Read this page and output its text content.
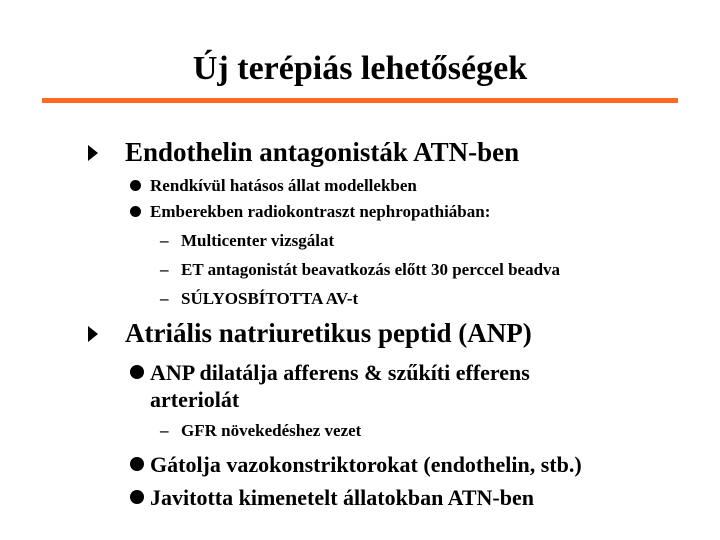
Új terépiás lehetőségek
Endothelin antagonisták ATN-ben
Rendkívül hatásos állat modellekben
Emberekben radiokontraszt nephropathiában:
– Multicenter vizsgálat
– ET antagonistát beavatkozás előtt 30 perccel beadva
– SÚLYOSBÍTOTTA AV-t
Atriális natriuretikus peptid (ANP)
ANP dilatálja afferens & szűkíti efferens
arteriolát
– GFR növekedéshez vezet
Gátolja vazokonstriktorokat (endothelin, stb.)
Javitotta kimenetelt állatokban ATN-ben
